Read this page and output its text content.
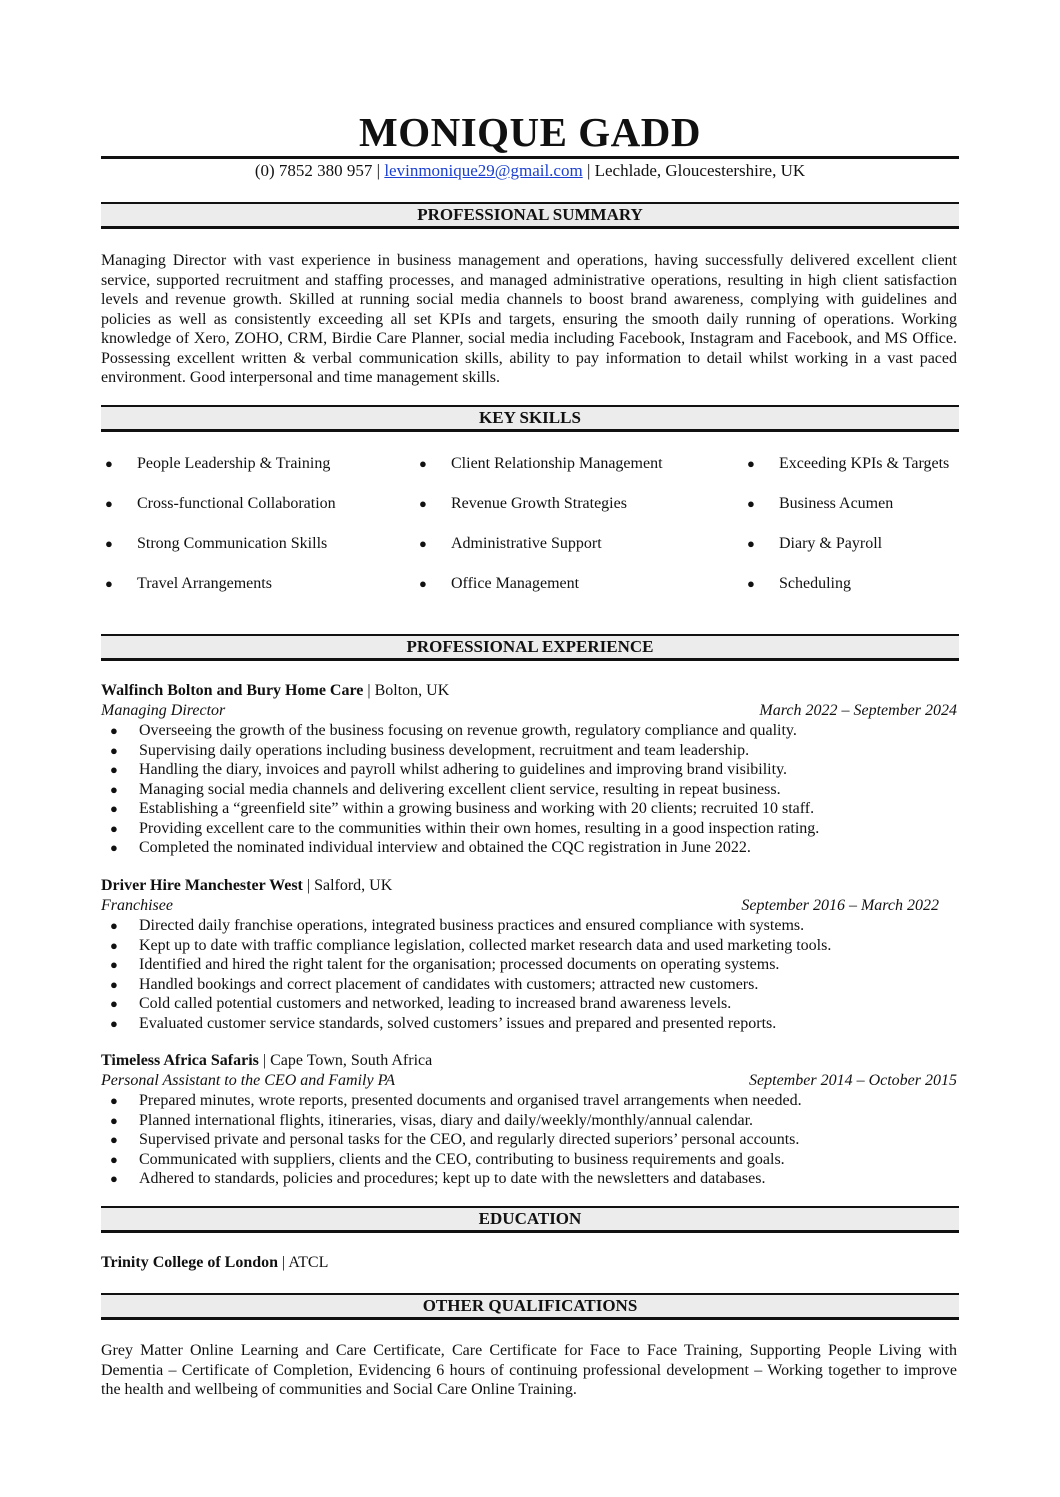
MONIQUE GADD
(0) 7852 380 957 | levinmonique29@gmail.com | Lechlade, Gloucestershire, UK
PROFESSIONAL SUMMARY
Managing Director with vast experience in business management and operations, having successfully delivered excellent client service, supported recruitment and staffing processes, and managed administrative operations, resulting in high client satisfaction levels and revenue growth. Skilled at running social media channels to boost brand awareness, complying with guidelines and policies as well as consistently exceeding all set KPIs and targets, ensuring the smooth daily running of operations. Working knowledge of Xero, ZOHO, CRM, Birdie Care Planner, social media including Facebook, Instagram and Facebook, and MS Office. Possessing excellent written & verbal communication skills, ability to pay information to detail whilst working in a vast paced environment. Good interpersonal and time management skills.
KEY SKILLS
● People Leadership & Training
● Cross-functional Collaboration
● Strong Communication Skills
● Travel Arrangements
● Client Relationship Management
● Revenue Growth Strategies
● Administrative Support
● Office Management
● Exceeding KPIs & Targets
● Business Acumen
● Diary & Payroll
● Scheduling
PROFESSIONAL EXPERIENCE
Walfinch Bolton and Bury Home Care | Bolton, UK
Managing Director	March 2022 – September 2024
● Overseeing the growth of the business focusing on revenue growth, regulatory compliance and quality.
● Supervising daily operations including business development, recruitment and team leadership.
● Handling the diary, invoices and payroll whilst adhering to guidelines and improving brand visibility.
● Managing social media channels and delivering excellent client service, resulting in repeat business.
● Establishing a “greenfield site” within a growing business and working with 20 clients; recruited 10 staff.
● Providing excellent care to the communities within their own homes, resulting in a good inspection rating.
● Completed the nominated individual interview and obtained the CQC registration in June 2022.
Driver Hire Manchester West | Salford, UK
Franchisee	September 2016 – March 2022
● Directed daily franchise operations, integrated business practices and ensured compliance with systems.
● Kept up to date with traffic compliance legislation, collected market research data and used marketing tools.
● Identified and hired the right talent for the organisation; processed documents on operating systems.
● Handled bookings and correct placement of candidates with customers; attracted new customers.
● Cold called potential customers and networked, leading to increased brand awareness levels.
● Evaluated customer service standards, solved customers’ issues and prepared and presented reports.
Timeless Africa Safaris | Cape Town, South Africa
Personal Assistant to the CEO and Family PA	September 2014 – October 2015
● Prepared minutes, wrote reports, presented documents and organised travel arrangements when needed.
● Planned international flights, itineraries, visas, diary and daily/weekly/monthly/annual calendar.
● Supervised private and personal tasks for the CEO, and regularly directed superiors’ personal accounts.
● Communicated with suppliers, clients and the CEO, contributing to business requirements and goals.
● Adhered to standards, policies and procedures; kept up to date with the newsletters and databases.
EDUCATION
Trinity College of London | ATCL
OTHER QUALIFICATIONS
Grey Matter Online Learning and Care Certificate, Care Certificate for Face to Face Training, Supporting People Living with Dementia – Certificate of Completion, Evidencing 6 hours of continuing professional development – Working together to improve the health and wellbeing of communities and Social Care Online Training.
